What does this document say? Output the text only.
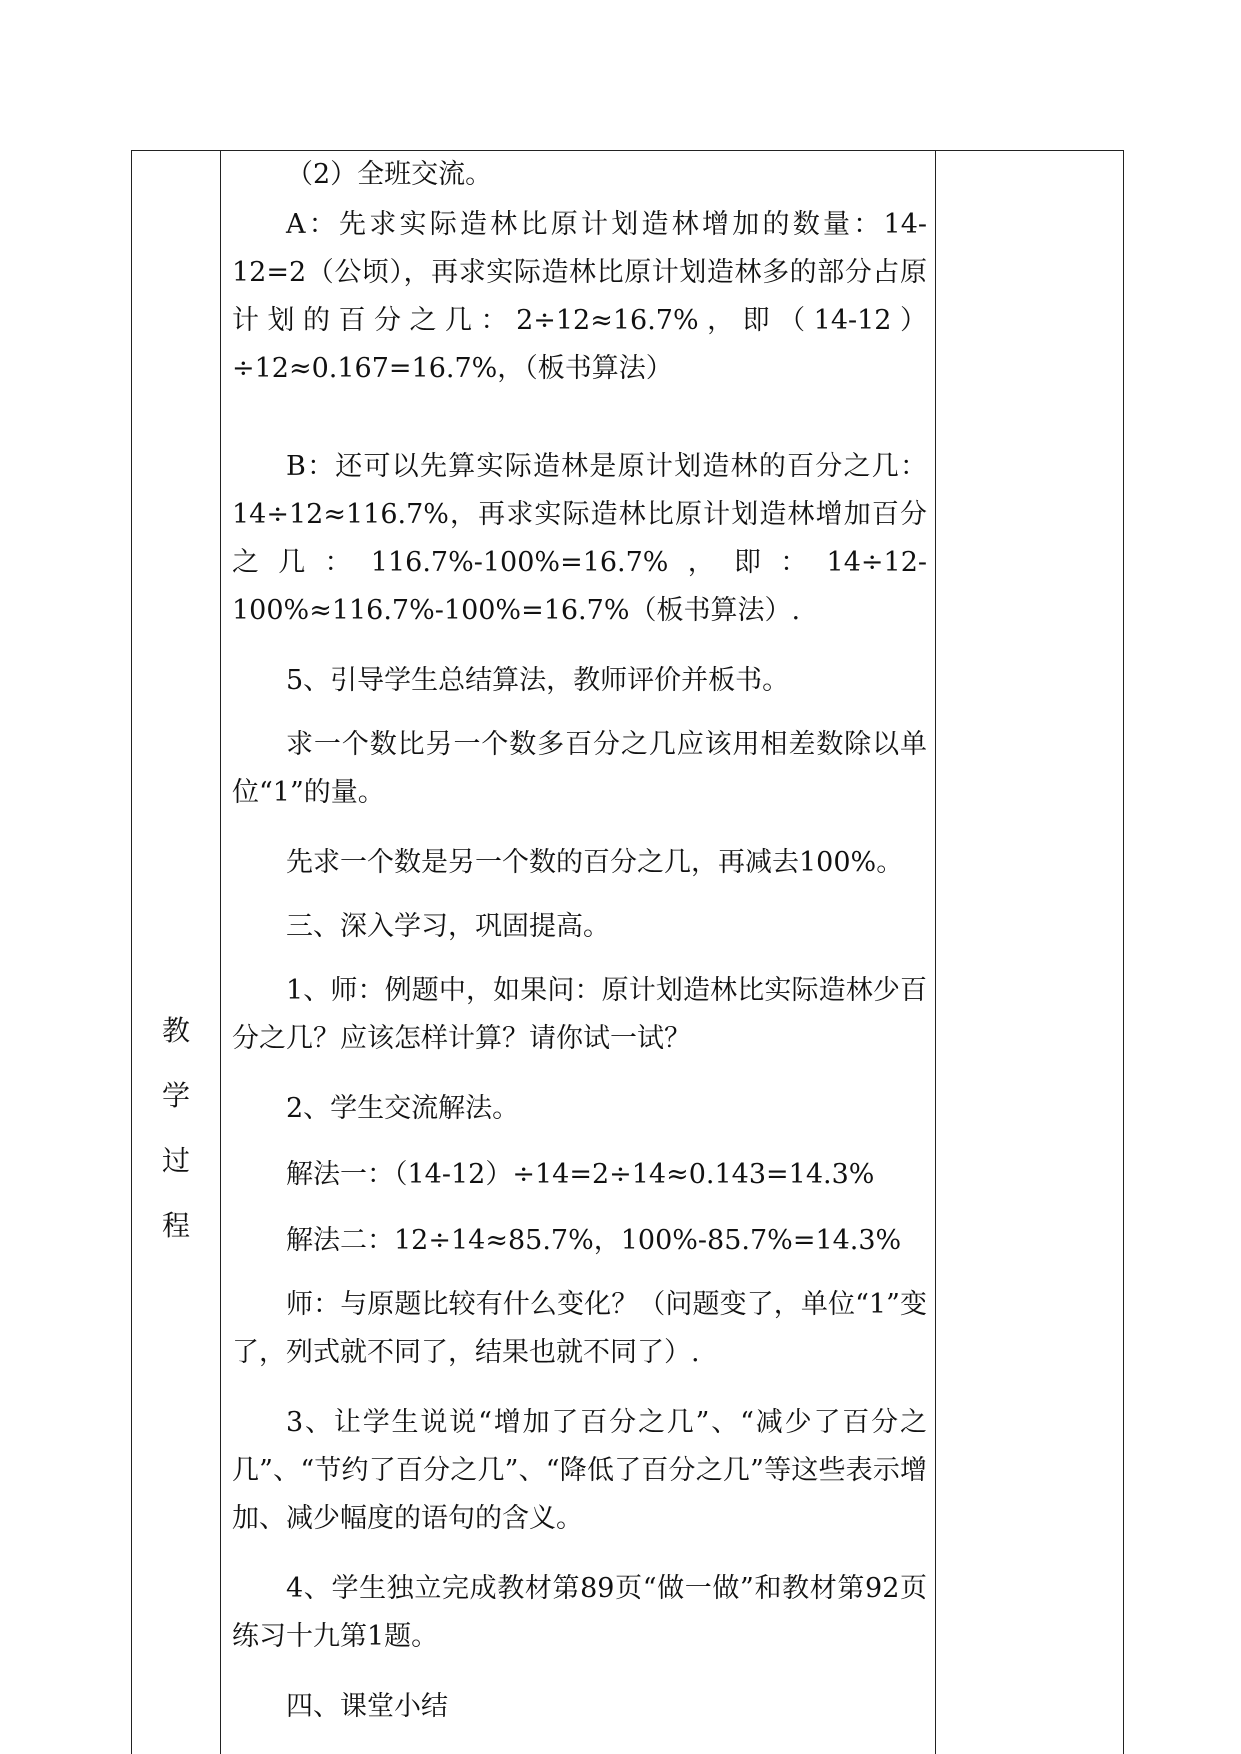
教
学
过
程

（2）全班交流。

A：先求实际造林比原计划造林增加的数量：14-12=2（公顷），再求实际造林比原计划造林多的部分占原计划的百分之几：2÷12≈16.7%，即（14-12）÷12≈0.167=16.7%，（板书算法）

B：还可以先算实际造林是原计划造林的百分之几：14÷12≈116.7%，再求实际造林比原计划造林增加百分之几：116.7%-100%=16.7%，即：14÷12-100%≈116.7%-100%=16.7%（板书算法）.

5、引导学生总结算法，教师评价并板书。

求一个数比另一个数多百分之几应该用相差数除以单位“1”的量。

先求一个数是另一个数的百分之几，再减去100%。

三、深入学习，巩固提高。

1、师：例题中，如果问：原计划造林比实际造林少百分之几？应该怎样计算？请你试一试？

2、学生交流解法。

解法一：（14-12）÷14=2÷14≈0.143=14.3%

解法二：12÷14≈85.7%，100%-85.7%=14.3%

师：与原题比较有什么变化？（问题变了，单位“1”变了，列式就不同了，结果也就不同了）.

3、让学生说说“增加了百分之几”、“减少了百分之几”、“节约了百分之几”、“降低了百分之几”等这些表示增加、减少幅度的语句的含义。

4、学生独立完成教材第89页“做一做”和教材第92页练习十九第1题。

四、课堂小结
